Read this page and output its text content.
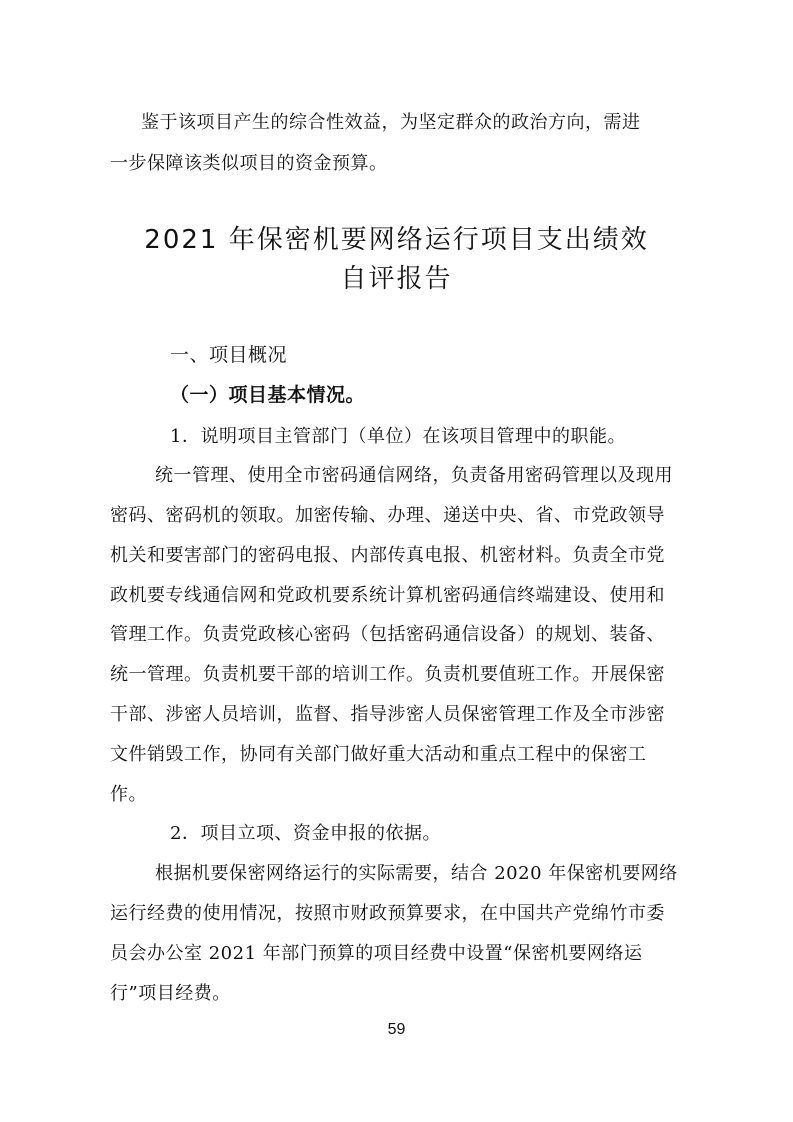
鉴于该项目产生的综合性效益，为坚定群众的政治方向，需进
一步保障该类似项目的资金预算。
2021 年保密机要网络运行项目支出绩效
自评报告
一、项目概况
（一）项目基本情况。
1．说明项目主管部门（单位）在该项目管理中的职能。
统一管理、使用全市密码通信网络，负责备用密码管理以及现用
密码、密码机的领取。加密传输、办理、递送中央、省、市党政领导
机关和要害部门的密码电报、内部传真电报、机密材料。负责全市党
政机要专线通信网和党政机要系统计算机密码通信终端建设、使用和
管理工作。负责党政核心密码（包括密码通信设备）的规划、装备、
统一管理。负责机要干部的培训工作。负责机要值班工作。开展保密
干部、涉密人员培训，监督、指导涉密人员保密管理工作及全市涉密
文件销毁工作，协同有关部门做好重大活动和重点工程中的保密工
作。
2．项目立项、资金申报的依据。
根据机要保密网络运行的实际需要，结合 2020 年保密机要网络
运行经费的使用情况，按照市财政预算要求，在中国共产党绵竹市委
员会办公室 2021 年部门预算的项目经费中设置“保密机要网络运
行”项目经费。
59
